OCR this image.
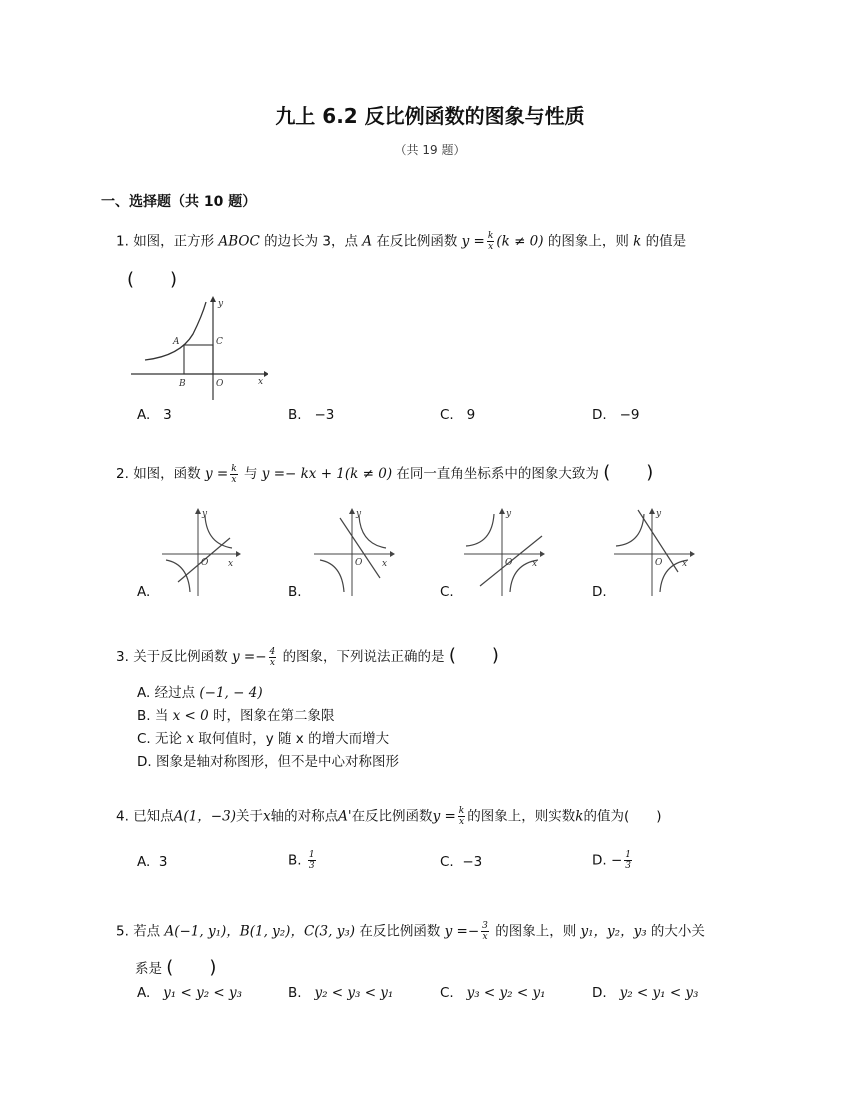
九上 6.2 反比例函数的图象与性质
（共 19 题）
一、选择题（共 10 题）
1. 如图，正方形 ABOC 的边长为 3，点 A 在反比例函数 $y = \frac{k}{x} (k \ne 0)$ 的图象上，则 k 的值是
(　　)
y
x
A
B
C
O
A. 3	B. −3	C. 9	D. −9
2. 如图，函数 $y = \frac{k}{x}$ 与 y =− kx + 1(k ≠ 0) 在同一直角坐标系中的图象大致为 (　　)
y
x
O
y
x
O
y
x
O
y
x
O
A.	B.	C.	D.
3. 关于反比例函数 $y =- \frac{4}{x}$ 的图象，下列说法正确的是 (　　)
A. 经过点 (−1, − 4)
B. 当 x < 0 时，图象在第二象限
C. 无论 x 取何值时，y 随 x 的增大而增大
D. 图象是轴对称图形，但不是中心对称图形
4. 已知点A(1，−3)关于x轴的对称点A'在反比例函数$y = \frac{k}{x}$ 的图象上，则实数k的值为(　　)
A. 3	B. $\frac{1}{3}$	C. −3	D. − $\frac{1}{3}$
5. 若点 A(−1, y₁)，B(1, y₂)，C(3, y₃) 在反比例函数 $y =- \frac{3}{x}$ 的图象上，则 y₁，y₂，y₃ 的大小关
系是 (　　)
A. y₁ < y₂ < y₃	B. y₂ < y₃ < y₁	C. y₃ < y₂ < y₁	D. y₂ < y₁ < y₃
